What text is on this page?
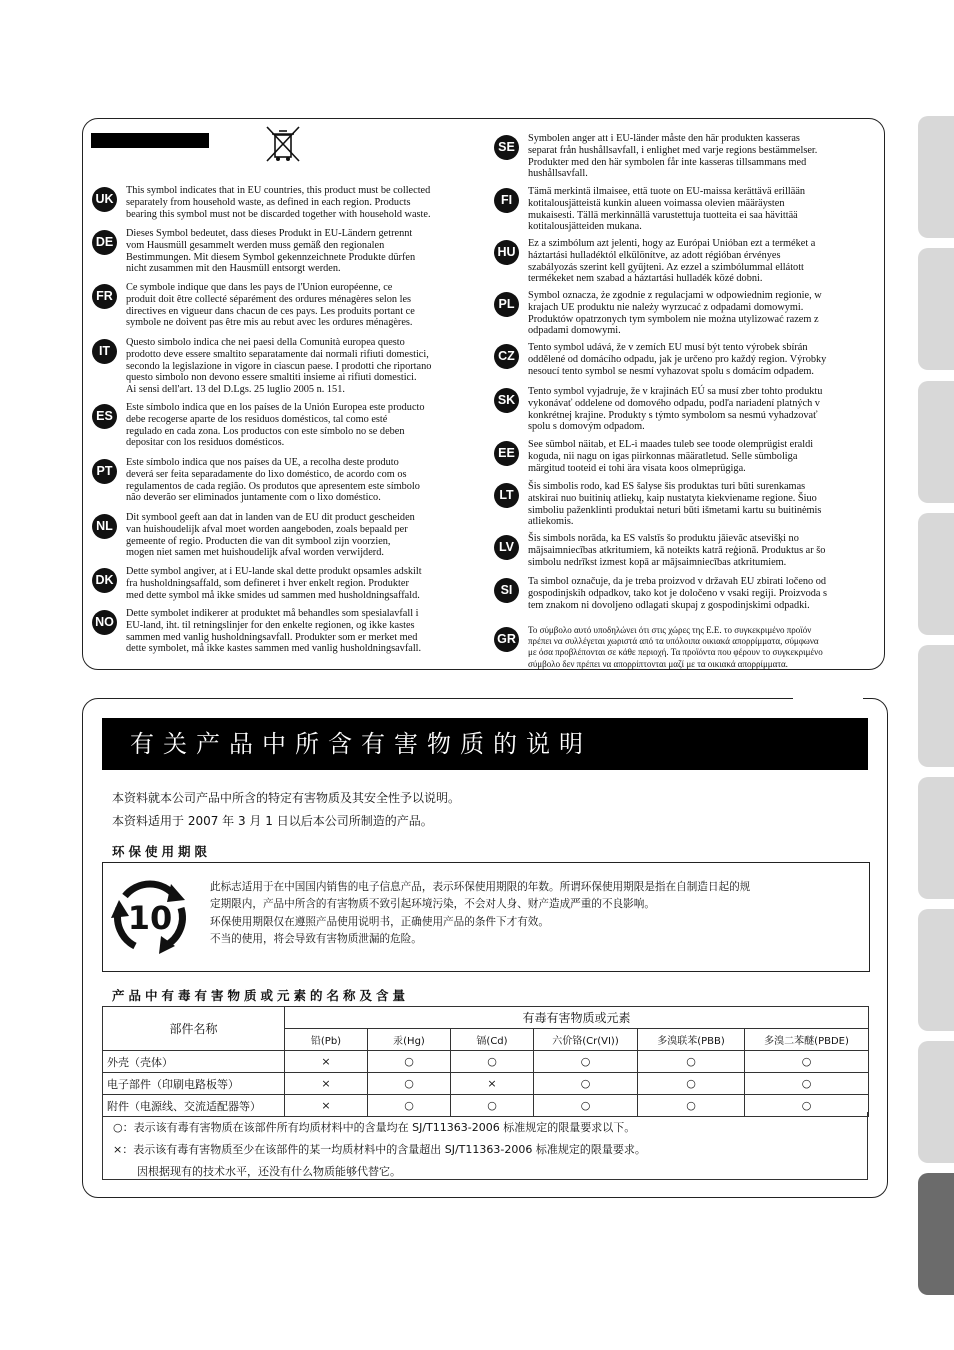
UK
This symbol indicates that in EU countries, this product must be collected
separately from household waste, as defined in each region. Products
bearing this symbol must not be discarded together with household waste.
DE
Dieses Symbol bedeutet, dass dieses Produkt in EU-Ländern getrennt
vom Hausmüll gesammelt werden muss gemäß den regionalen
Bestimmungen. Mit diesem Symbol gekennzeichnete Produkte dürfen
nicht zusammen mit den Hausmüll entsorgt werden.
FR
Ce symbole indique que dans les pays de l'Union européenne, ce
produit doit être collecté séparément des ordures ménagères selon les
directives en vigueur dans chacun de ces pays. Les produits portant ce
symbole ne doivent pas être mis au rebut avec les ordures ménagères.
IT
Questo simbolo indica che nei paesi della Comunità europea questo
prodotto deve essere smaltito separatamente dai normali rifiuti domestici,
secondo la legislazione in vigore in ciascun paese. I prodotti che riportano
questo simbolo non devono essere smaltiti insieme ai rifiuti domestici.
Ai sensi dell'art. 13 del D.Lgs. 25 luglio 2005 n. 151.
ES
Este símbolo indica que en los países de la Unión Europea este producto
debe recogerse aparte de los residuos domésticos, tal como esté
regulado en cada zona. Los productos con este símbolo no se deben
depositar con los residuos domésticos.
PT
Este símbolo indica que nos países da UE, a recolha deste produto
deverá ser feita separadamente do lixo doméstico, de acordo com os
regulamentos de cada região. Os produtos que apresentem este símbolo
não deverão ser eliminados juntamente com o lixo doméstico.
NL
Dit symbool geeft aan dat in landen van de EU dit product gescheiden
van huishoudelijk afval moet worden aangeboden, zoals bepaald per
gemeente of regio. Producten die van dit symbool zijn voorzien,
mogen niet samen met huishoudelijk afval worden verwijderd.
DK
Dette symbol angiver, at i EU-lande skal dette produkt opsamles adskilt
fra husholdningsaffald, som defineret i hver enkelt region. Produkter
med dette symbol må ikke smides ud sammen med husholdningsaffald.
NO
Dette symbolet indikerer at produktet må behandles som spesialavfall i
EU-land, iht. til retningslinjer for den enkelte regionen, og ikke kastes
sammen med vanlig husholdningsavfall. Produkter som er merket med
dette symbolet, må ikke kastes sammen med vanlig husholdningsavfall.
SE
Symbolen anger att i EU-länder måste den här produkten kasseras
separat från hushållsavfall, i enlighet med varje regions bestämmelser.
Produkter med den här symbolen får inte kasseras tillsammans med
hushållsavfall.
FI
Tämä merkintä ilmaisee, että tuote on EU-maissa kerättävä erillään
kotitalousjätteistä kunkin alueen voimassa olevien määräysten
mukaisesti. Tällä merkinnällä varustettuja tuotteita ei saa hävittää
kotitalousjätteiden mukana.
HU
Ez a szimbólum azt jelenti, hogy az Európai Unióban ezt a terméket a
háztartási hulladéktól elkülönítve, az adott régióban érvényes
szabályozás szerint kell gyűjteni. Az ezzel a szimbólummal ellátott
termékeket nem szabad a háztartási hulladék közé dobni.
PL
Symbol oznacza, że zgodnie z regulacjami w odpowiednim regionie, w
krajach UE produktu nie należy wyrzucać z odpadami domowymi.
Produktów opatrzonych tym symbolem nie można utylizować razem z
odpadami domowymi.
CZ
Tento symbol udává, že v zemích EU musí být tento výrobek sbírán
oddělené od domácího odpadu, jak je určeno pro každý region. Výrobky
nesoucí tento symbol se nesmí vyhazovat spolu s domácím odpadem.
SK
Tento symbol vyjadruje, že v krajinách EÚ sa musí zber tohto produktu
vykonávať oddelene od domového odpadu, podľa nariadení platných v
konkrétnej krajine. Produkty s týmto symbolom sa nesmú vyhadzovať
spolu s domovým odpadom.
EE
See sümbol näitab, et EL-i maades tuleb see toode olemprügist eraldi
koguda, nii nagu on igas piirkonnas määratletud. Selle sümboliga
märgitud tooteid ei tohi ära visata koos olmeprügiga.
LT
Šis simbolis rodo, kad ES šalyse šis produktas turi būti surenkamas
atskirai nuo buitinių atliekų, kaip nustatyta kiekviename regione. Šiuo
simboliu paženklinti produktai neturi būti išmetami kartu su buitinėmis
atliekomis.
LV
Šis simbols norāda, ka ES valstīs šo produktu jāievāc atsevišķi no
mājsaimniecības atkritumiem, kā noteikts katrā reģionā. Produktus ar šo
simbolu nedrīkst izmest kopā ar mājsaimniecības atkritumiem.
SI
Ta simbol označuje, da je treba proizvod v državah EU zbirati ločeno od
gospodinjskih odpadkov, tako kot je določeno v vsaki regiji. Proizvoda s
tem znakom ni dovoljeno odlagati skupaj z gospodinjskimi odpadki.
GR
Το σύμβολο αυτό υποδηλώνει ότι στις χώρες της Ε.Ε. το συγκεκριμένο προϊόν
πρέπει να συλλέγεται χωριστά από τα υπόλοιπα οικιακά απορρίμματα, σύμφωνα
με όσα προβλέπονται σε κάθε περιοχή. Τα προϊόντα που φέρουν το συγκεκριμένο
σύμβολο δεν πρέπει να απορρίπτονται μαζί με τα οικιακά απορρίμματα.
有关产品中所含有害物质的说明
本资料就本公司产品中所含的特定有害物质及其安全性予以说明。
本资料适用于 2007 年 3 月 1 日以后本公司所制造的产品。
环保使用期限
10
此标志适用于在中国国内销售的电子信息产品，表示环保使用期限的年数。所谓环保使用期限是指在自制造日起的规
定期限内，产品中所含的有害物质不致引起环境污染，不会对人身、财产造成严重的不良影响。
环保使用期限仅在遵照产品使用说明书，正确使用产品的条件下才有效。
不当的使用，将会导致有害物质泄漏的危险。
产品中有毒有害物质或元素的名称及含量
部件名称	有毒有害物质或元素					
	铅(Pb)	汞(Hg)	镉(Cd)	六价铬(Cr(VI))	多溴联苯(PBB)	多溴二苯醚(PBDE)
外壳（壳体）	×	○	○	○	○	○
电子部件（印刷电路板等）	×	○	×	○	○	○
附件（电源线、交流适配器等）	×	○	○	○	○	○
○：表示该有毒有害物质在该部件所有均质材料中的含量均在 SJ/T11363-2006 标准规定的限量要求以下。
×：表示该有毒有害物质至少在该部件的某一均质材料中的含量超出 SJ/T11363-2006 标准规定的限量要求。
因根据现有的技术水平，还没有什么物质能够代替它。
